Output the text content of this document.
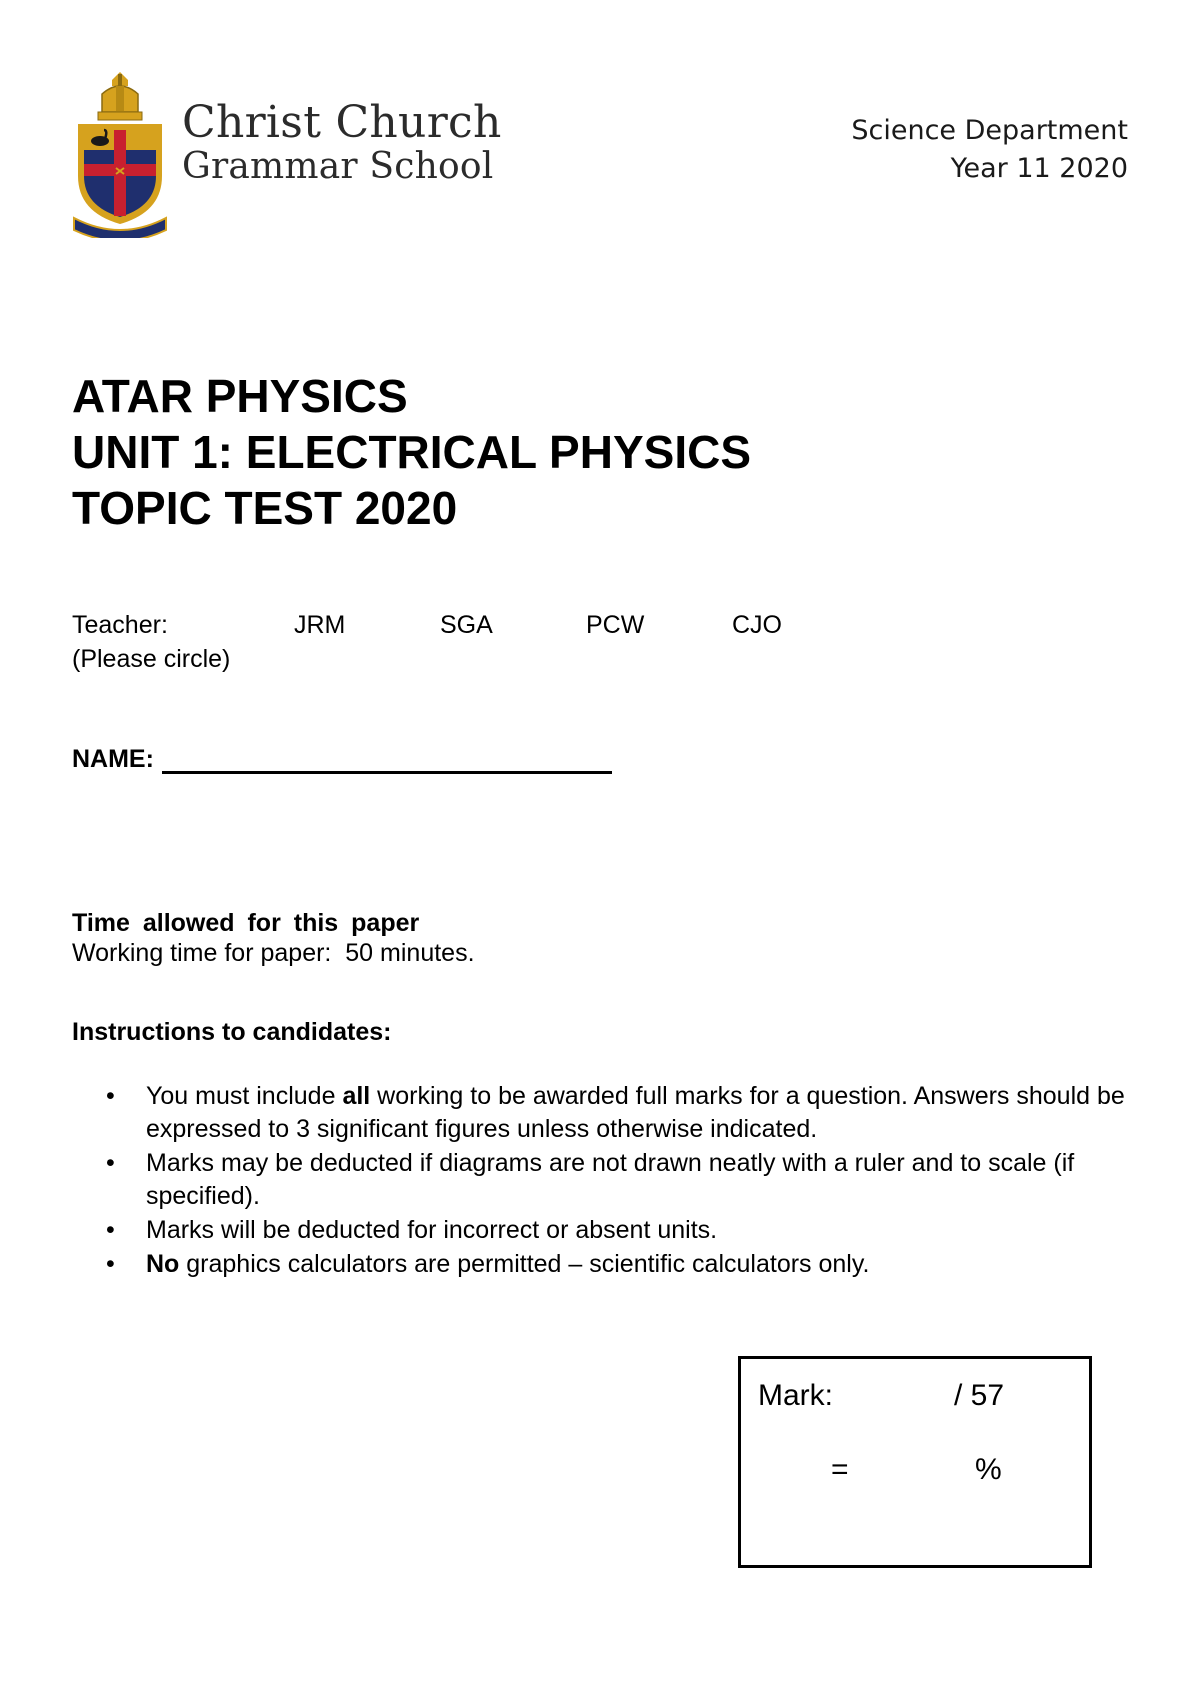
Christ Church
Grammar School
Science Department
Year 11 2020
ATAR PHYSICS
UNIT 1: ELECTRICAL PHYSICS
TOPIC TEST 2020
Teacher:	JRM	SGA	PCW	CJO
(Please circle)
NAME:
Time allowed for this paper
Working time for paper: 50 minutes.
Instructions to candidates:
• You must include all working to be awarded full marks for a question. Answers should be expressed to 3 significant figures unless otherwise indicated.
• Marks may be deducted if diagrams are not drawn neatly with a ruler and to scale (if specified).
• Marks will be deducted for incorrect or absent units.
• No graphics calculators are permitted – scientific calculators only.
Mark:	/ 57
=	%
